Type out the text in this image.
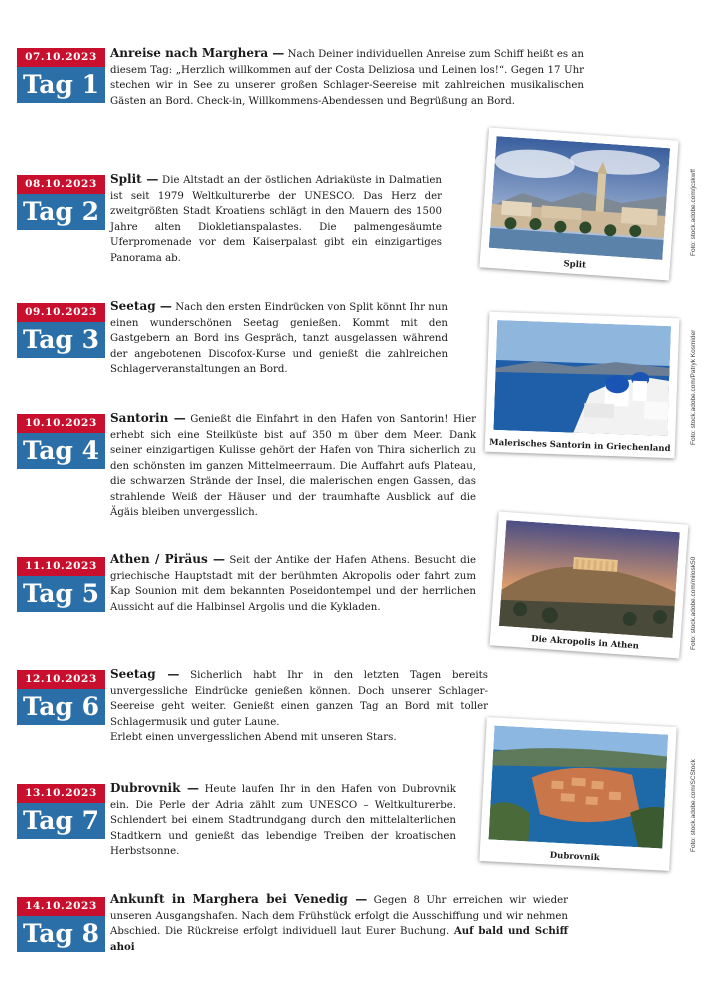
07.10.2023
Tag 1
Anreise nach Marghera — Nach Deiner individuellen Anreise zum Schiff heißt es an diesem Tag: „Herzlich willkommen auf der Costa Deliziosa und Leinen los!“. Gegen 17 Uhr stechen wir in See zu unserer großen Schlager-Seereise mit zahlreichen musikalischen Gästen an Bord. Check-in, Willkommens-Abendessen und Begrüßung an Bord.
08.10.2023
Tag 2
Split — Die Altstadt an der östlichen Adriaküste in Dalmatien ist seit 1979 Weltkulturerbe der UNESCO. Das Herz der zweitgrößten Stadt Kroatiens schlägt in den Mauern des 1500 Jahre alten Diokletianspalastes. Die palmengesäumte Uferpromenade vor dem Kaiserpalast gibt ein einzigartiges Panorama ab.
09.10.2023
Tag 3
Seetag — Nach den ersten Eindrücken von Split könnt Ihr nun einen wunderschönen Seetag genießen. Kommt mit den Gastgebern an Bord ins Gespräch, tanzt ausgelassen während der angebotenen Discofox-Kurse und genießt die zahlreichen Schlagerveranstaltungen an Bord.
10.10.2023
Tag 4
Santorin — Genießt die Einfahrt in den Hafen von Santorin! Hier erhebt sich eine Steilküste bist auf 350 m über dem Meer. Dank seiner einzigartigen Kulisse gehört der Hafen von Thira sicherlich zu den schönsten im ganzen Mittelmeerraum. Die Auffahrt aufs Plateau, die schwarzen Strände der Insel, die malerischen engen Gassen, das strahlende Weiß der Häuser und der traumhafte Ausblick auf die Ägäis bleiben unvergesslich.
11.10.2023
Tag 5
Athen / Piräus — Seit der Antike der Hafen Athens. Besucht die griechische Hauptstadt mit der berühmten Akropolis oder fahrt zum Kap Sounion mit dem bekannten Poseidontempel und der herrlichen Aussicht auf die Halbinsel Argolis und die Kykladen.
12.10.2023
Tag 6
Seetag — Sicherlich habt Ihr in den letzten Tagen bereits unvergessliche Eindrücke genießen können. Doch unserer Schlager-Seereise geht weiter. Genießt einen ganzen Tag an Bord mit toller Schlagermusik und guter Laune.
Erlebt einen unvergesslichen Abend mit unseren Stars.
13.10.2023
Tag 7
Dubrovnik — Heute laufen Ihr in den Hafen von Dubrovnik ein. Die Perle der Adria zählt zum UNESCO – Weltkulturerbe. Schlendert bei einem Stadtrundgang durch den mittelalterlichen Stadtkern und genießt das lebendige Treiben der kroatischen Herbstsonne.
14.10.2023
Tag 8
Ankunft in Marghera bei Venedig — Gegen 8 Uhr erreichen wir wieder unseren Ausgangshafen. Nach dem Frühstück erfolgt die Ausschiffung und wir nehmen Abschied. Die Rückreise erfolgt individuell laut Eurer Buchung. Auf bald und Schiff ahoi
Split
Foto: stock.adobe.com/jcskwff
Malerisches Santorin in Griechenland
Foto: stock.adobe.com/Patryk Kosmider
Die Akropolis in Athen	Foto: stock.adobe.com/milosk50
Dubrovnik
Foto: stock.adobe.com/SCStock
